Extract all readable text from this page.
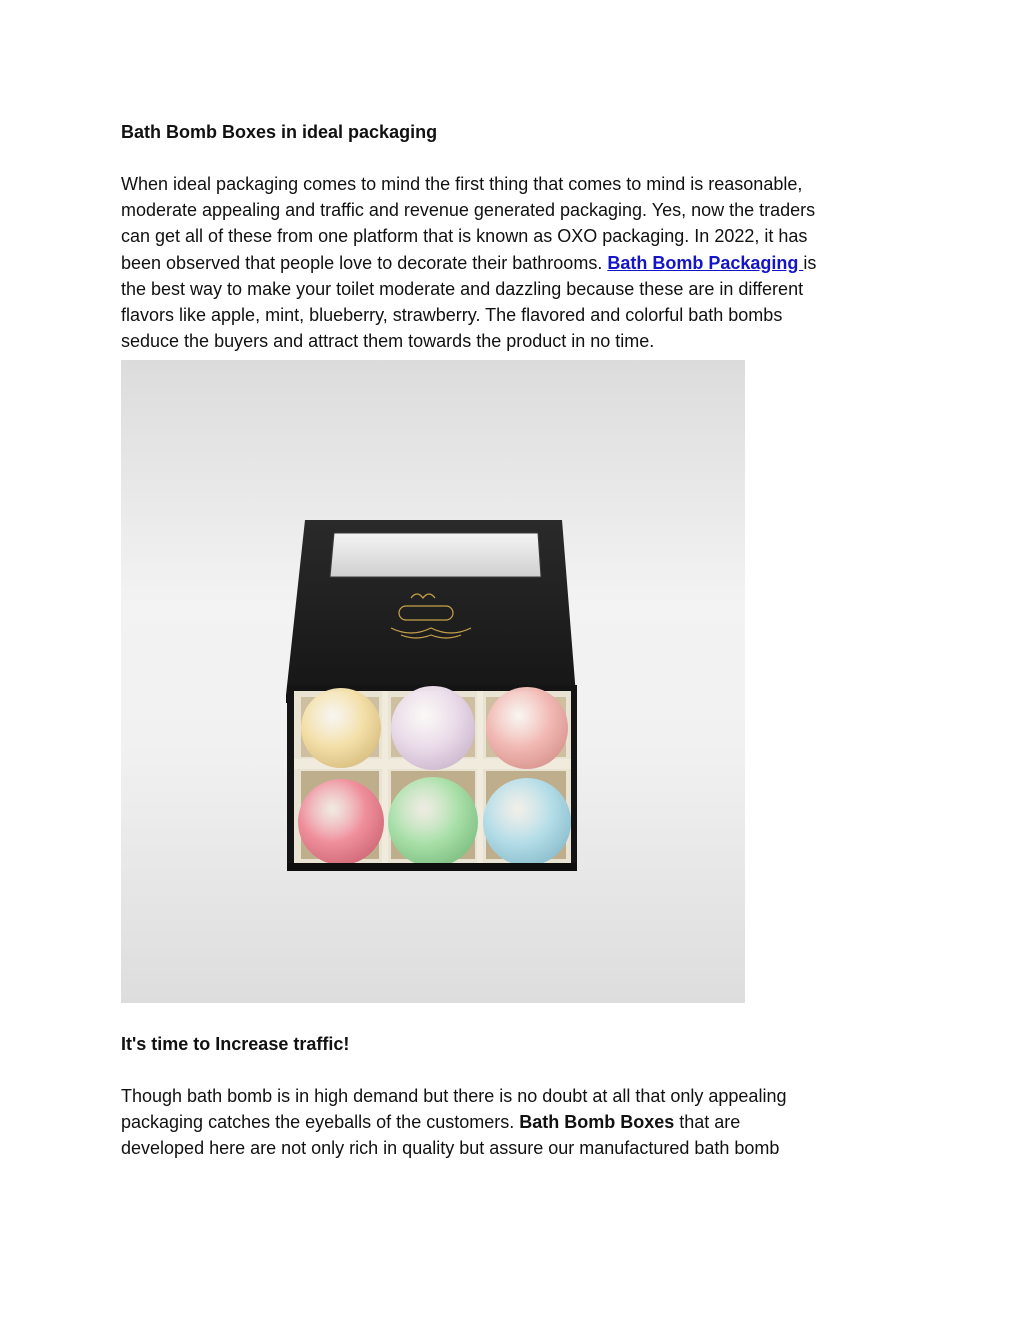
Bath Bomb Boxes in ideal packaging
When ideal packaging comes to mind the first thing that comes to mind is reasonable,
moderate appealing and traffic and revenue generated packaging. Yes, now the traders
can get all of these from one platform that is known as OXO packaging. In 2022, it has
been observed that people love to decorate their bathrooms. Bath Bomb Packaging is
the best way to make your toilet moderate and dazzling because these are in different
flavors like apple, mint, blueberry, strawberry. The flavored and colorful bath bombs
seduce the buyers and attract them towards the product in no time.
It's time to Increase traffic!
Though bath bomb is in high demand but there is no doubt at all that only appealing
packaging catches the eyeballs of the customers. Bath Bomb Boxes that are
developed here are not only rich in quality but assure our manufactured bath bomb
